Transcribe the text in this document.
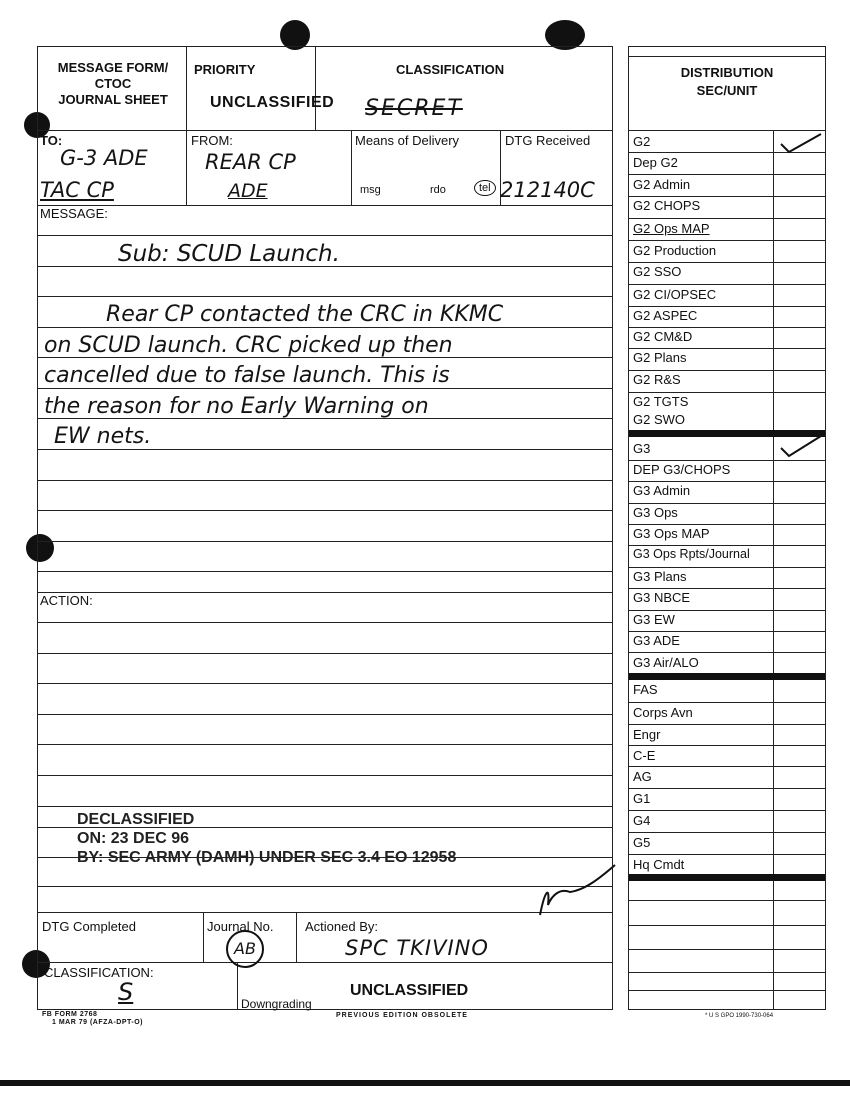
MESSAGE FORM/
CTOC
JOURNAL SHEET
PRIORITY
UNCLASSIFIED
CLASSIFICATION
SECRET
TO:
G-3 ADE
TAC CP
FROM:
REAR CP
ADE
Means of Delivery
msg	rdo	tel
DTG Received
212140C
MESSAGE:
Sub: SCUD Launch.
Rear CP contacted the CRC in KKMC
on SCUD launch. CRC picked up then
cancelled due to false launch. This is
the reason for no Early Warning on
EW nets.
ACTION:
DECLASSIFIED
ON: 23 DEC 96
BY: SEC ARMY (DAMH) UNDER SEC 3.4 EO 12958
DTG Completed	Journal No.
AB
Actioned By:
SPC TKIVINO
CLASSIFICATION:
S	UNCLASSIFIED
Downgrading
FB FORM 2768
1 MAR 79 (AFZA-DPT-O)
PREVIOUS EDITION OBSOLETE	* U S GPO 1990-730-064
DISTRIBUTION
SEC/UNIT
G2
Dep G2
G2 Admin
G2 CHOPS
G2 Ops MAP
G2 Production
G2 SSO
G2 CI/OPSEC
G2 ASPEC
G2 CM&D
G2 Plans
G2 R&S
G2 TGTS
G2 SWO
G3
DEP G3/CHOPS
G3 Admin
G3 Ops
G3 Ops MAP
G3 Ops Rpts/Journal
G3 Plans
G3 NBCE
G3 EW
G3 ADE
G3 Air/ALO
FAS
Corps Avn
Engr
C-E
AG
G1
G4
G5
Hq Cmdt
